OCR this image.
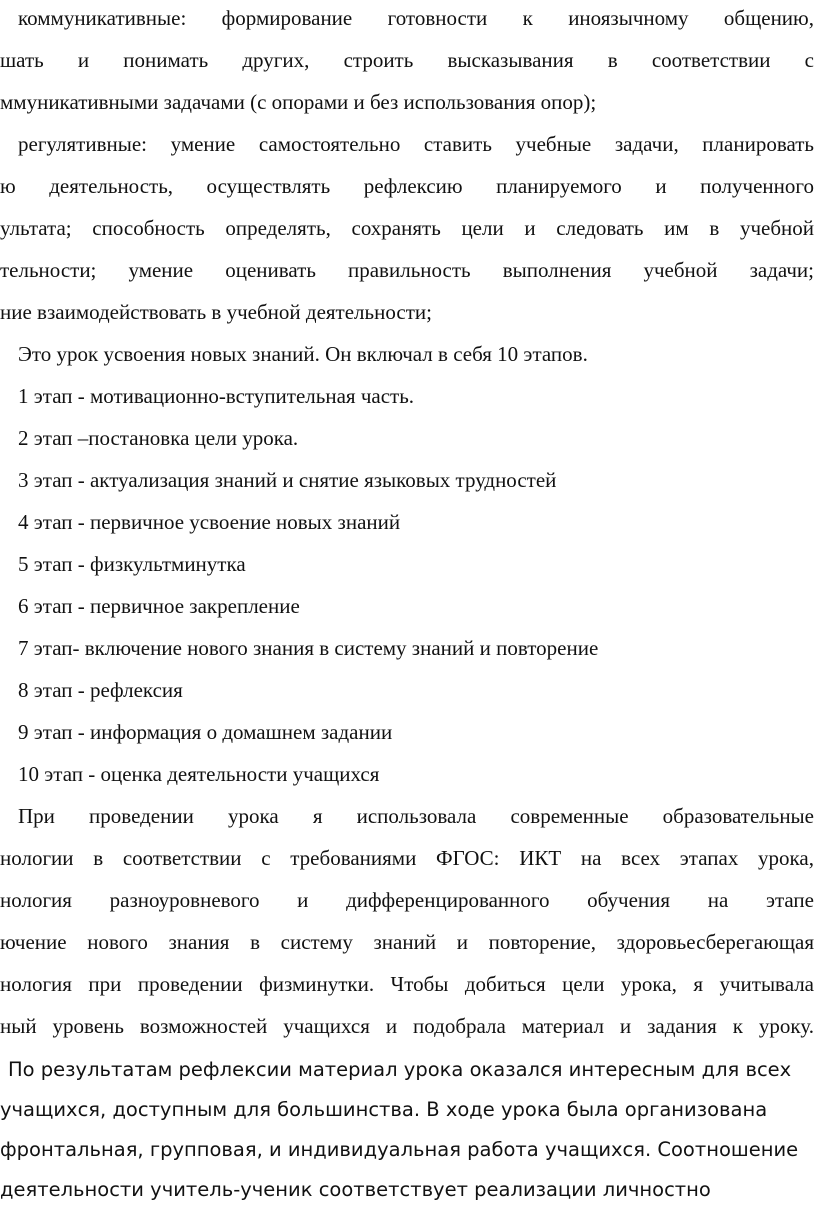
коммуникативные: формирование готовности к иноязычному общению,
шать и понимать других, строить высказывания в соответствии с
ммуникативными задачами (с опорами и без использования опор);
регулятивные: умение самостоятельно ставить учебные задачи, планировать
ю деятельность, осуществлять рефлексию планируемого и полученного
ультата; способность определять, сохранять цели и следовать им в учебной
тельности; умение оценивать правильность выполнения учебной задачи;
ние взаимодействовать в учебной деятельности;
Это урок усвоения новых знаний. Он включал в себя 10 этапов.
1 этап - мотивационно-вступительная часть.
2 этап –постановка цели урока.
3 этап - актуализация знаний и снятие языковых трудностей
4 этап - первичное усвоение новых знаний
5 этап - физкультминутка
6 этап - первичное закрепление
7 этап- включение нового знания в систему знаний и повторение
8 этап - рефлексия
9 этап - информация о домашнем задании
10 этап - оценка деятельности учащихся
При проведении урока я использовала современные образовательные
нологии в соответствии с требованиями ФГОС: ИКТ на всех этапах урока,
нология разноуровневого и дифференцированного обучения на этапе
ючение нового знания в систему знаний и повторение, здоровьесберегающая
нология при проведении физминутки. Чтобы добиться цели урока, я учитывала
ный уровень возможностей учащихся и подобрала материал и задания к уроку.
По результатам рефлексии материал урока оказался интересным для всех
учащихся, доступным для большинства. В ходе урока была организована
фронтальная, групповая, и индивидуальная работа учащихся. Соотношение
деятельности учитель-ученик соответствует реализации личностно
